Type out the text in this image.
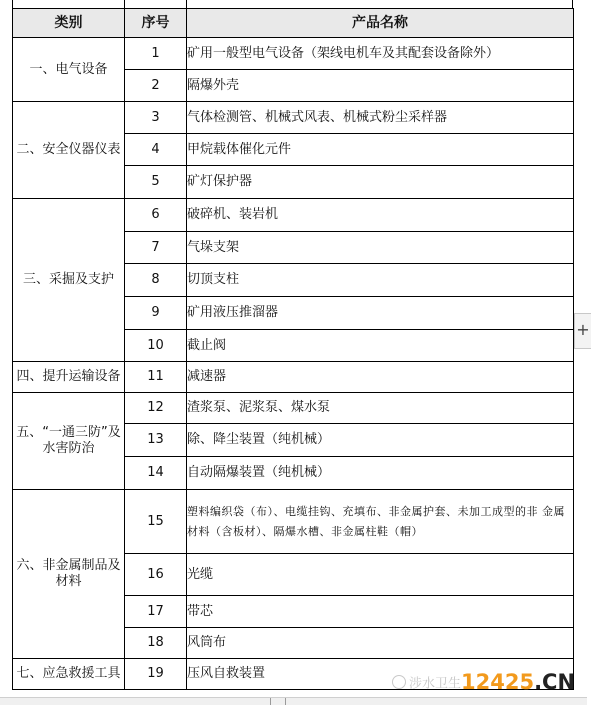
类别	序号	产品名称
一、电气设备	1	矿用一般型电气设备（架线电机车及其配套设备除外）
	2	隔爆外壳
二、安全仪器仪表	3	气体检测管、机械式风表、机械式粉尘采样器
	4	甲烷载体催化元件
	5	矿灯保护器
三、采掘及支护	6	破碎机、装岩机
	7	气垛支架
	8	切顶支柱
	9	矿用液压推溜器
	10	截止阀
四、提升运输设备	11	减速器
五、“一通三防”及水害防治	12	渣浆泵、泥浆泵、煤水泵
	13	除、降尘装置（纯机械）
	14	自动隔爆装置（纯机械）
六、非金属制品及材料	15	塑料编织袋（布）、电缆挂钩、充填布、非金属护套、未加工成型的非 金属材料（含板材）、隔爆水槽、非金属柱鞋（帽）
	16	光缆
	17	带芯
	18	风筒布
七、应急救援工具	19	压风自救装置
+
涉水卫生12425.CN
